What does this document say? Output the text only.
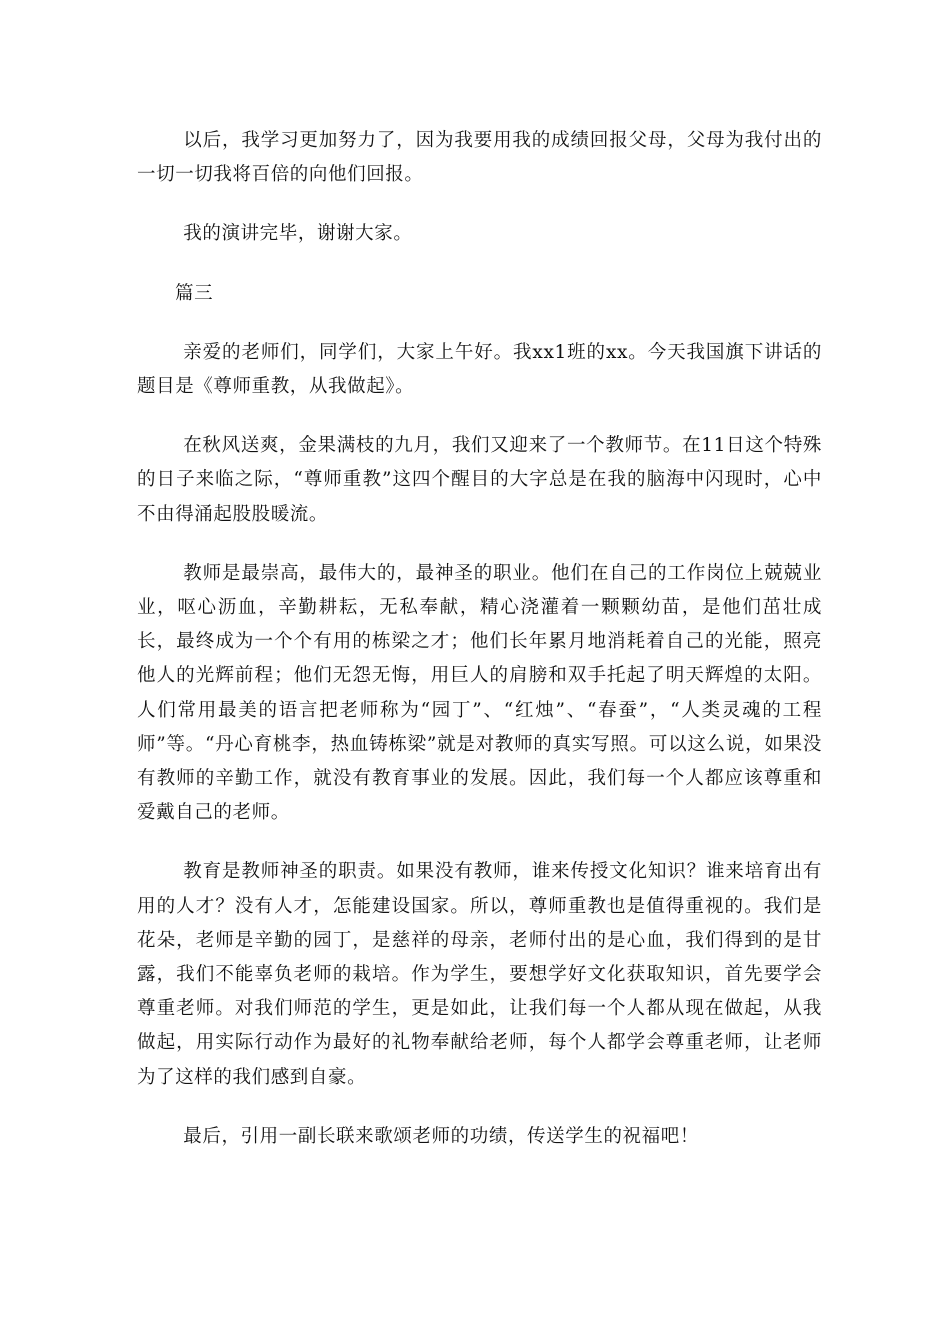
以后，我学习更加努力了，因为我要用我的成绩回报父母，父母为我付出的一切一切我将百倍的向他们回报。

我的演讲完毕，谢谢大家。

篇三

亲爱的老师们，同学们，大家上午好。我xx1班的xx。今天我国旗下讲话的题目是《尊师重教，从我做起》。

在秋风送爽，金果满枝的九月，我们又迎来了一个教师节。在11日这个特殊的日子来临之际，“尊师重教”这四个醒目的大字总是在我的脑海中闪现时，心中不由得涌起股股暖流。

教师是最崇高，最伟大的，最神圣的职业。他们在自己的工作岗位上兢兢业业，呕心沥血，辛勤耕耘，无私奉献，精心浇灌着一颗颗幼苗，是他们茁壮成长，最终成为一个个有用的栋梁之才；他们长年累月地消耗着自己的光能，照亮他人的光辉前程；他们无怨无悔，用巨人的肩膀和双手托起了明天辉煌的太阳。人们常用最美的语言把老师称为“园丁”、“红烛”、“春蚕”，“人类灵魂的工程师”等。“丹心育桃李，热血铸栋梁”就是对教师的真实写照。可以这么说，如果没有教师的辛勤工作，就没有教育事业的发展。因此，我们每一个人都应该尊重和爱戴自己的老师。

教育是教师神圣的职责。如果没有教师，谁来传授文化知识？谁来培育出有用的人才？没有人才，怎能建设国家。所以，尊师重教也是值得重视的。我们是花朵，老师是辛勤的园丁，是慈祥的母亲，老师付出的是心血，我们得到的是甘露，我们不能辜负老师的栽培。作为学生，要想学好文化获取知识，首先要学会尊重老师。对我们师范的学生，更是如此，让我们每一个人都从现在做起，从我做起，用实际行动作为最好的礼物奉献给老师，每个人都学会尊重老师，让老师为了这样的我们感到自豪。

最后，引用一副长联来歌颂老师的功绩，传送学生的祝福吧！
